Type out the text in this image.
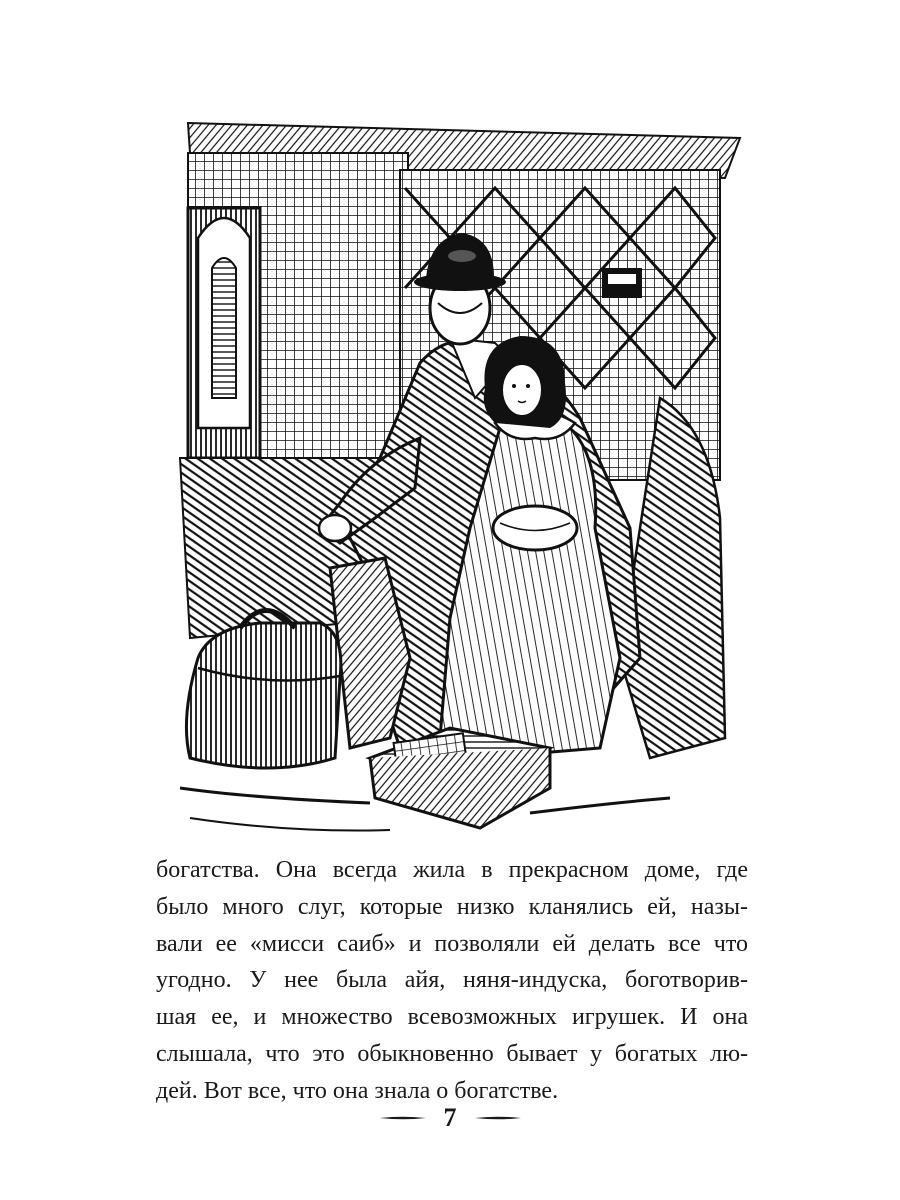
богатства. Она всегда жила в прекрасном доме, где
было много слуг, которые низко кланялись ей, назы-
вали ее «мисси саиб» и позволяли ей делать все что
угодно. У нее была айя, няня-индуска, боготворив-
шая ее, и множество всевозможных игрушек. И она
слышала, что это обыкновенно бывает у богатых лю-
дей. Вот все, что она знала о богатстве.
7
